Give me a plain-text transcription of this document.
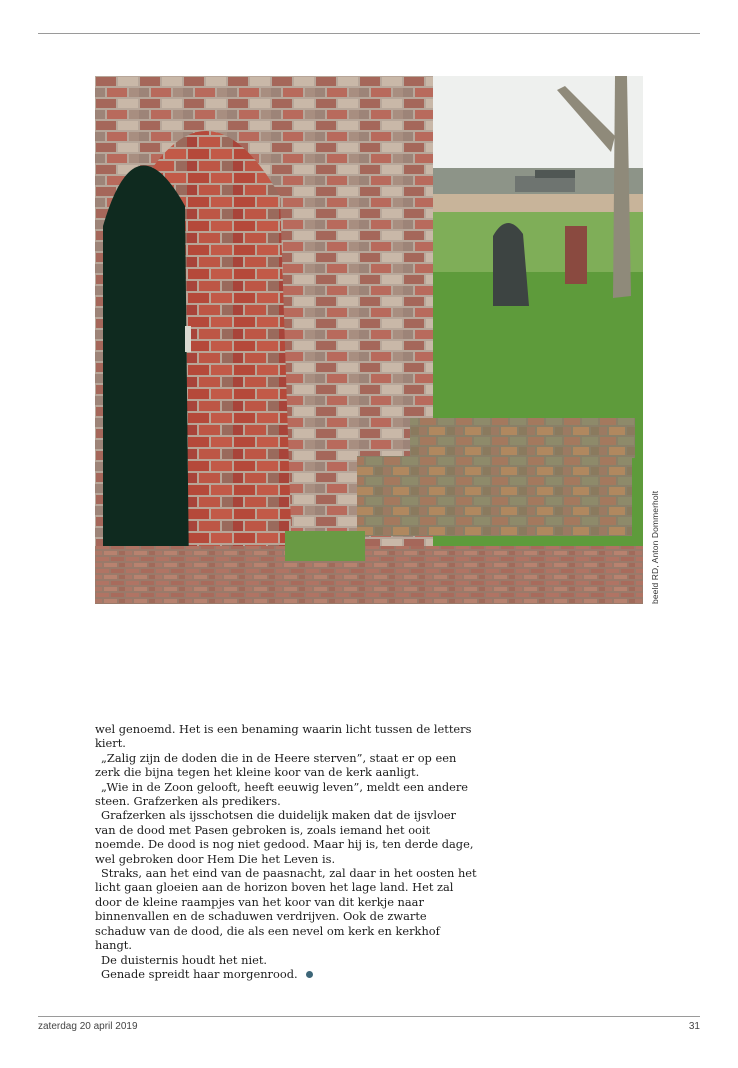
beeld RD, Anton Dommerholt

wel genoemd. Het is een benaming waarin licht tussen de letters kiert.

„Zalig zijn de doden die in de Heere sterven”, staat er op een zerk die bijna tegen het kleine koor van de kerk aanligt.

„Wie in de Zoon gelooft, heeft eeuwig leven”, meldt een andere steen. Grafzerken als predikers.

Grafzerken als ijsschotsen die duidelijk maken dat de ijsvloer van de dood met Pasen gebroken is, zoals iemand het ooit noemde. De dood is nog niet gedood. Maar hij is, ten derde dage, wel gebroken door Hem Die het Leven is.

Straks, aan het eind van de paasnacht, zal daar in het oosten het licht gaan gloeien aan de horizon boven het lage land. Het zal door de kleine raampjes van het koor van dit kerkje naar binnenvallen en de schaduwen verdrijven. Ook de zwarte schaduw van de dood, die als een nevel om kerk en kerkhof hangt.

De duisternis houdt het niet.

Genade spreidt haar morgenrood.

zaterdag 20 april 2019	31
